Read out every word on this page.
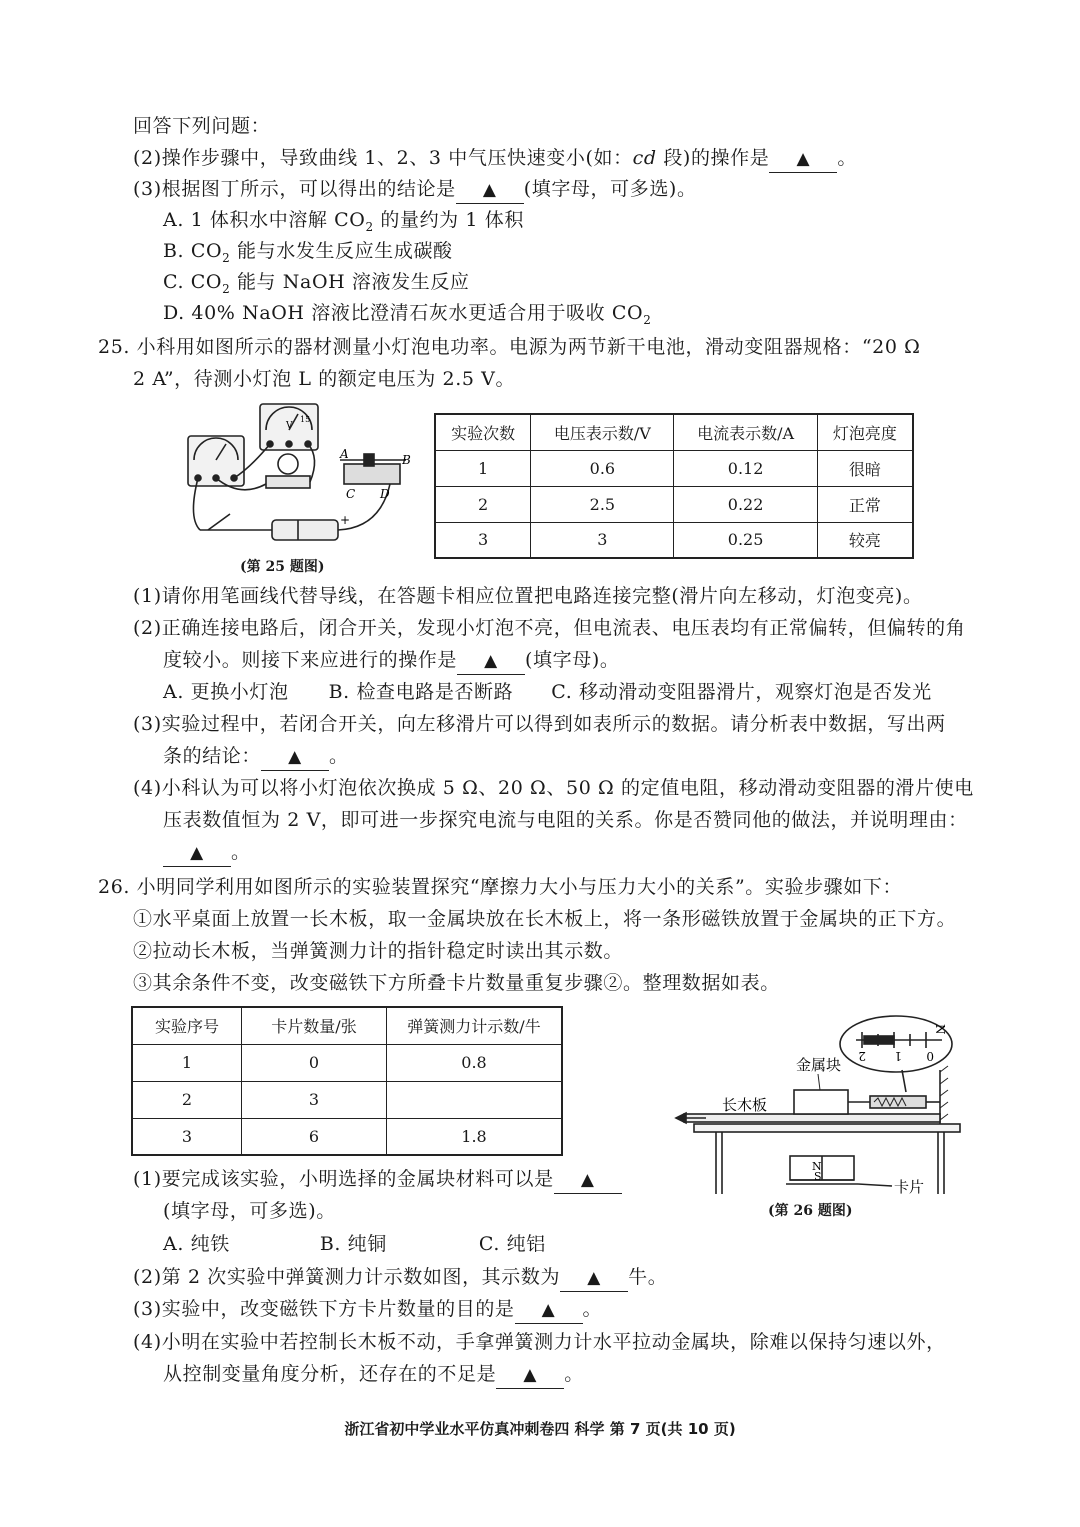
回答下列问题：
(2)操作步骤中，导致曲线 1、2、3 中气压快速变小(如：cd 段)的操作是 ▲ 。
(3)根据图丁所示，可以得出的结论是 ▲ (填字母，可多选)。
A. 1 体积水中溶解 $CO_2$ 的量约为 1 体积
B. $CO_2$ 能与水发生反应生成碳酸
C. $CO_2$ 能与 NaOH 溶液发生反应
D. 40% NaOH 溶液比澄清石灰水更适合用于吸收 $CO_2$
25. 小科用如图所示的器材测量小灯泡电功率。电源为两节新干电池，滑动变阻器规格：“20 Ω
2 A”，待测小灯泡 L 的额定电压为 2.5 V。
A	B
C D
+
V
15
(第 25 题图)
实验次数	电压表示数/V	电流表示数/A	灯泡亮度
1	0.6	0.12	很暗
2	2.5	0.22	正常
3	3	0.25	较亮
(1)请你用笔画线代替导线，在答题卡相应位置把电路连接完整(滑片向左移动，灯泡变亮)。
(2)正确连接电路后，闭合开关，发现小灯泡不亮，但电流表、电压表均有正常偏转，但偏转的角
度较小。则接下来应进行的操作是 ▲ (填字母)。
A. 更换小灯泡 B. 检查电路是否断路 C. 移动滑动变阻器滑片，观察灯泡是否发光
(3)实验过程中，若闭合开关，向左移滑片可以得到如表所示的数据。请分析表中数据，写出两
条的结论： ▲ 。
(4)小科认为可以将小灯泡依次换成 5 Ω、20 Ω、50 Ω 的定值电阻，移动滑动变阻器的滑片使电
压表数值恒为 2 V，即可进一步探究电流与电阻的关系。你是否赞同他的做法，并说明理由：
▲ 。
26. 小明同学利用如图所示的实验装置探究“摩擦力大小与压力大小的关系”。实验步骤如下：
①水平桌面上放置一长木板，取一金属块放在长木板上，将一条形磁铁放置于金属块的正下方。
②拉动长木板，当弹簧测力计的指针稳定时读出其示数。
③其余条件不变，改变磁铁下方所叠卡片数量重复步骤②。整理数据如表。
实验序号	卡片数量/张	弹簧测力计示数/牛
1	0	0.8
2	3	
3	6	1.8
金属块
长木板
卡片
N
S
2 1 0
N
(第 26 题图)
(1)要完成该实验，小明选择的金属块材料可以是 ▲
(填字母，可多选)。
A. 纯铁	B. 纯铜	C. 纯铝
(2)第 2 次实验中弹簧测力计示数如图，其示数为 ▲ 牛。
(3)实验中，改变磁铁下方卡片数量的目的是 ▲ 。
(4)小明在实验中若控制长木板不动，手拿弹簧测力计水平拉动金属块，除难以保持匀速以外，
从控制变量角度分析，还存在的不足是 ▲ 。
浙江省初中学业水平仿真冲刺卷四 科学 第 7 页(共 10 页)
